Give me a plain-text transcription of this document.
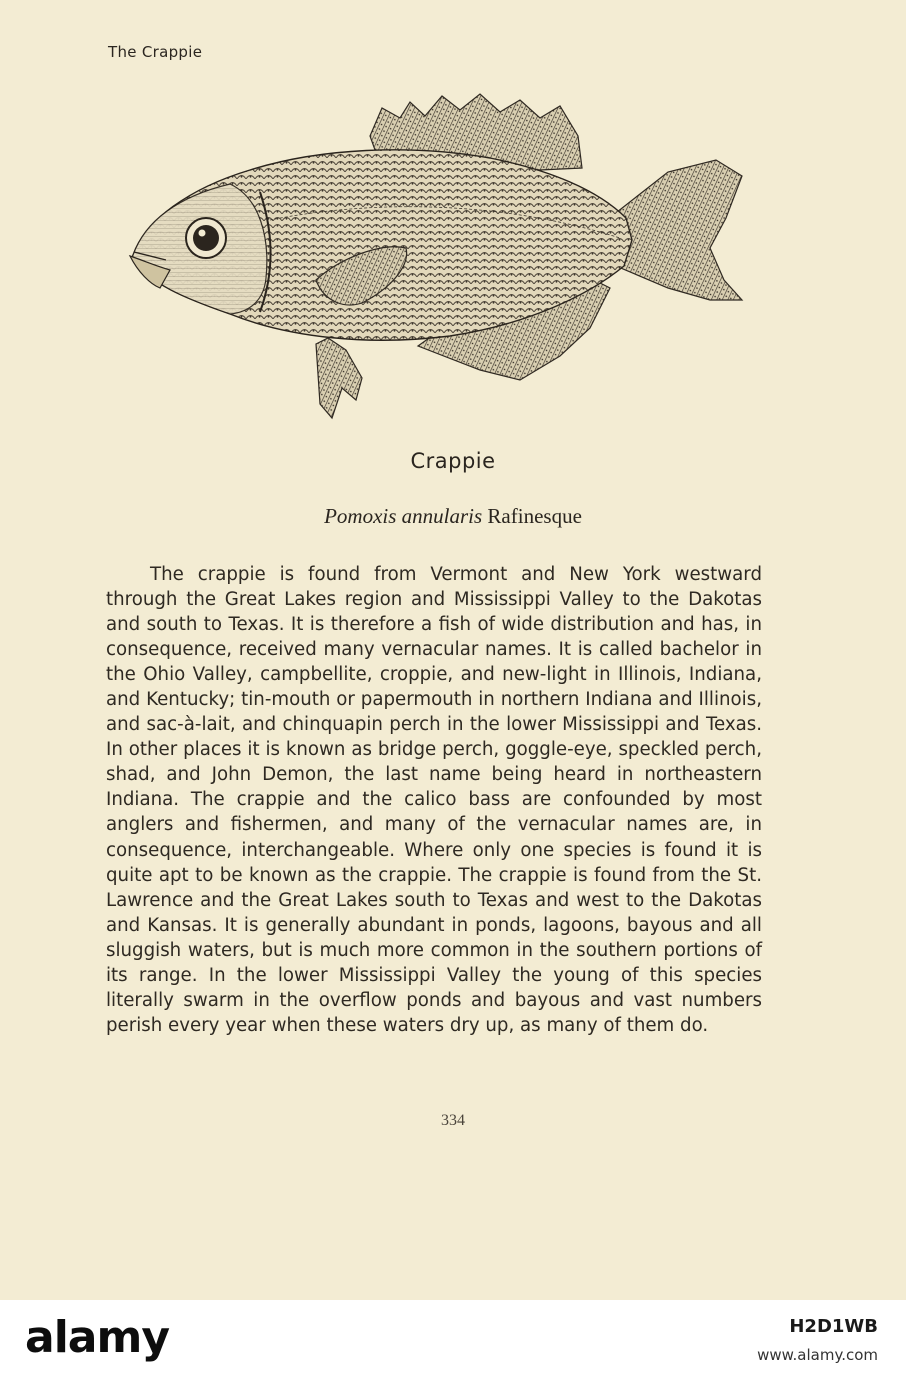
The Crappie
Crappie

Pomoxis annularis Rafinesque

The crappie is found from Vermont and New York westward through the Great Lakes region and Mississippi Valley to the Dakotas and south to Texas. It is therefore a fish of wide distribution and has, in consequence, received many vernacular names. It is called bachelor in the Ohio Valley, campbellite, croppie, and new-light in Illinois, Indiana, and Kentucky; tin-mouth or papermouth in northern Indiana and Illinois, and sac-à-lait, and chinquapin perch in the lower Mississippi and Texas. In other places it is known as bridge perch, goggle-eye, speckled perch, shad, and John Demon, the last name being heard in northeastern Indiana. The crappie and the calico bass are confounded by most anglers and fishermen, and many of the vernacular names are, in consequence, interchangeable. Where only one species is found it is quite apt to be known as the crappie. The crappie is found from the St. Lawrence and the Great Lakes south to Texas and west to the Dakotas and Kansas. It is generally abundant in ponds, lagoons, bayous and all sluggish waters, but is much more common in the southern portions of its range. In the lower Mississippi Valley the young of this species literally swarm in the overflow ponds and bayous and vast numbers perish every year when these waters dry up, as many of them do.

334
alamy	H2D1WB
www.alamy.com
